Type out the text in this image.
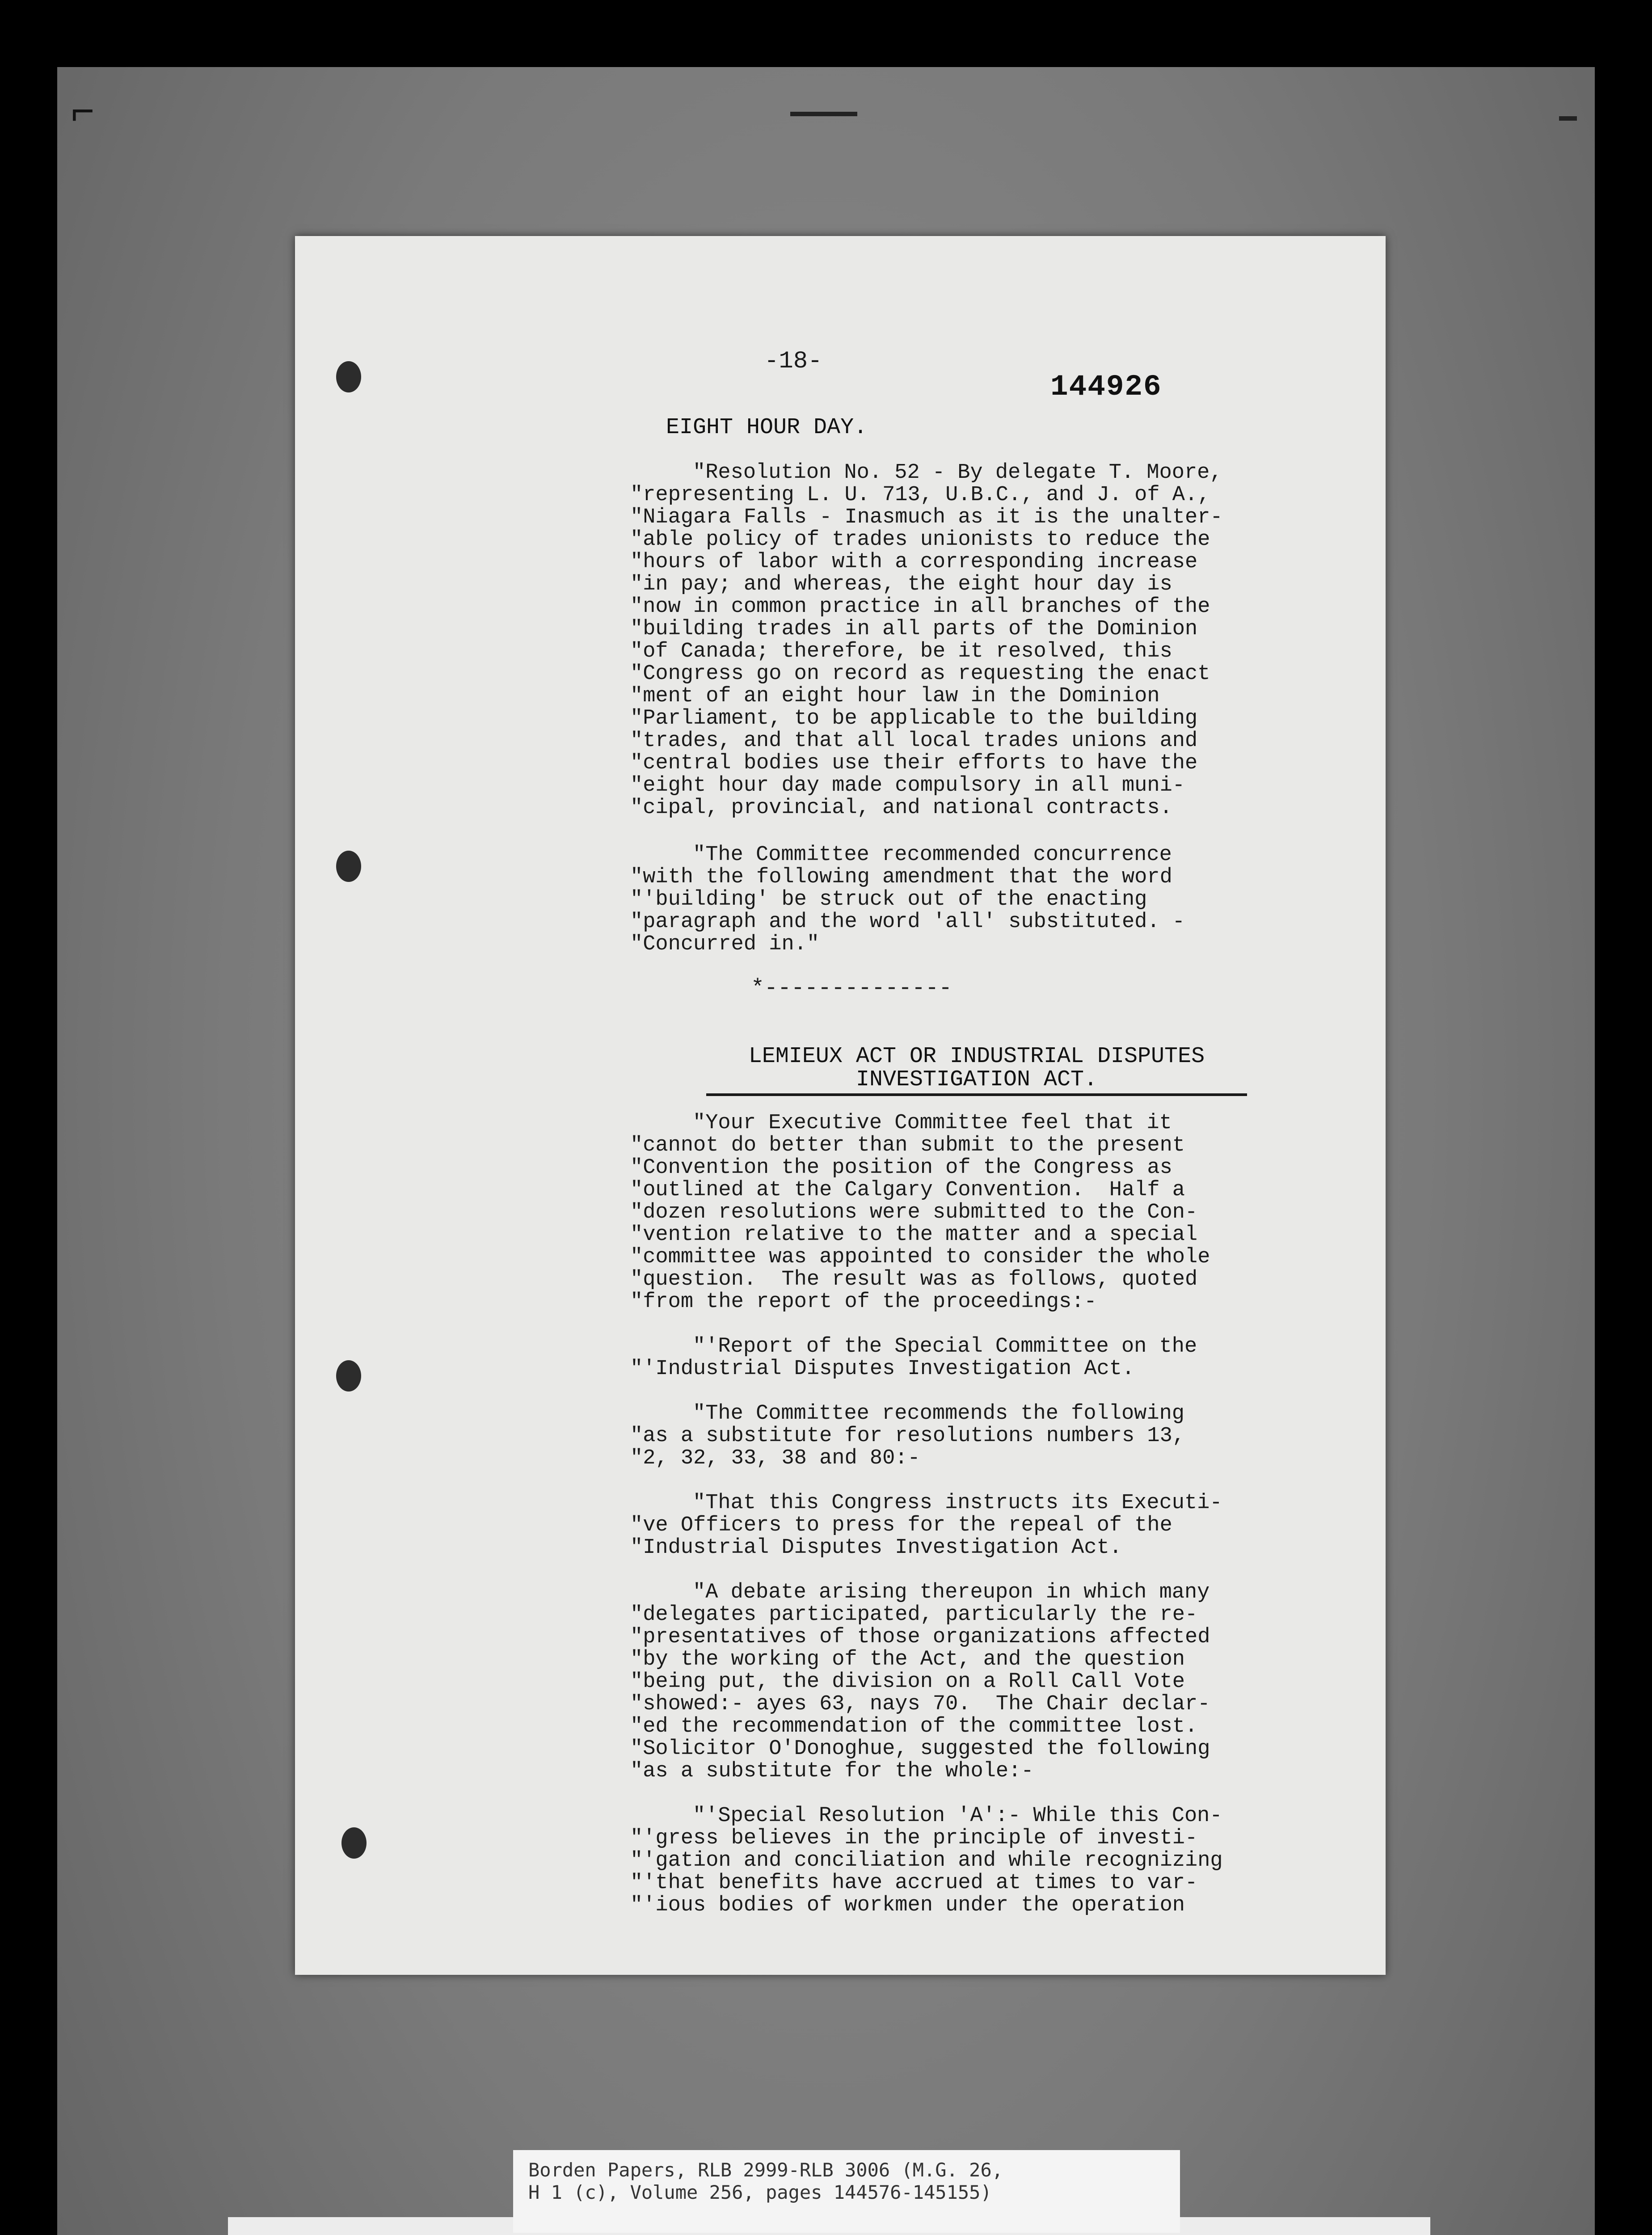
⌐
-18-
144926
EIGHT HOUR DAY.
"Resolution No. 52 - By delegate T. Moore,
"representing L. U. 713, U.B.C., and J. of A.,
"Niagara Falls - Inasmuch as it is the unalter-
"able policy of trades unionists to reduce the
"hours of labor with a corresponding increase
"in pay; and whereas, the eight hour day is
"now in common practice in all branches of the
"building trades in all parts of the Dominion
"of Canada; therefore, be it resolved, this
"Congress go on record as requesting the enact
"ment of an eight hour law in the Dominion
"Parliament, to be applicable to the building
"trades, and that all local trades unions and
"central bodies use their efforts to have the
"eight hour day made compulsory in all muni-
"cipal, provincial, and national contracts.
"The Committee recommended concurrence
"with the following amendment that the word
"'building' be struck out of the enacting
"paragraph and the word 'all' substituted. -
"Concurred in."
*--------------
LEMIEUX ACT OR INDUSTRIAL DISPUTES
INVESTIGATION ACT.
"Your Executive Committee feel that it
"cannot do better than submit to the present
"Convention the position of the Congress as
"outlined at the Calgary Convention.  Half a
"dozen resolutions were submitted to the Con-
"vention relative to the matter and a special
"committee was appointed to consider the whole
"question.  The result was as follows, quoted
"from the report of the proceedings:-
"'Report of the Special Committee on the
"'Industrial Disputes Investigation Act.
"The Committee recommends the following
"as a substitute for resolutions numbers 13,
"2, 32, 33, 38 and 80:-
"That this Congress instructs its Executi-
"ve Officers to press for the repeal of the
"Industrial Disputes Investigation Act.
"A debate arising thereupon in which many
"delegates participated, particularly the re-
"presentatives of those organizations affected
"by the working of the Act, and the question
"being put, the division on a Roll Call Vote
"showed:- ayes 63, nays 70.  The Chair declar-
"ed the recommendation of the committee lost.
"Solicitor O'Donoghue, suggested the following
"as a substitute for the whole:-
"'Special Resolution 'A':- While this Con-
"'gress believes in the principle of investi-
"'gation and conciliation and while recognizing
"'that benefits have accrued at times to var-
"'ious bodies of workmen under the operation
Borden Papers, RLB 2999-RLB 3006 (M.G. 26,
H 1 (c), Volume 256, pages 144576-145155)
